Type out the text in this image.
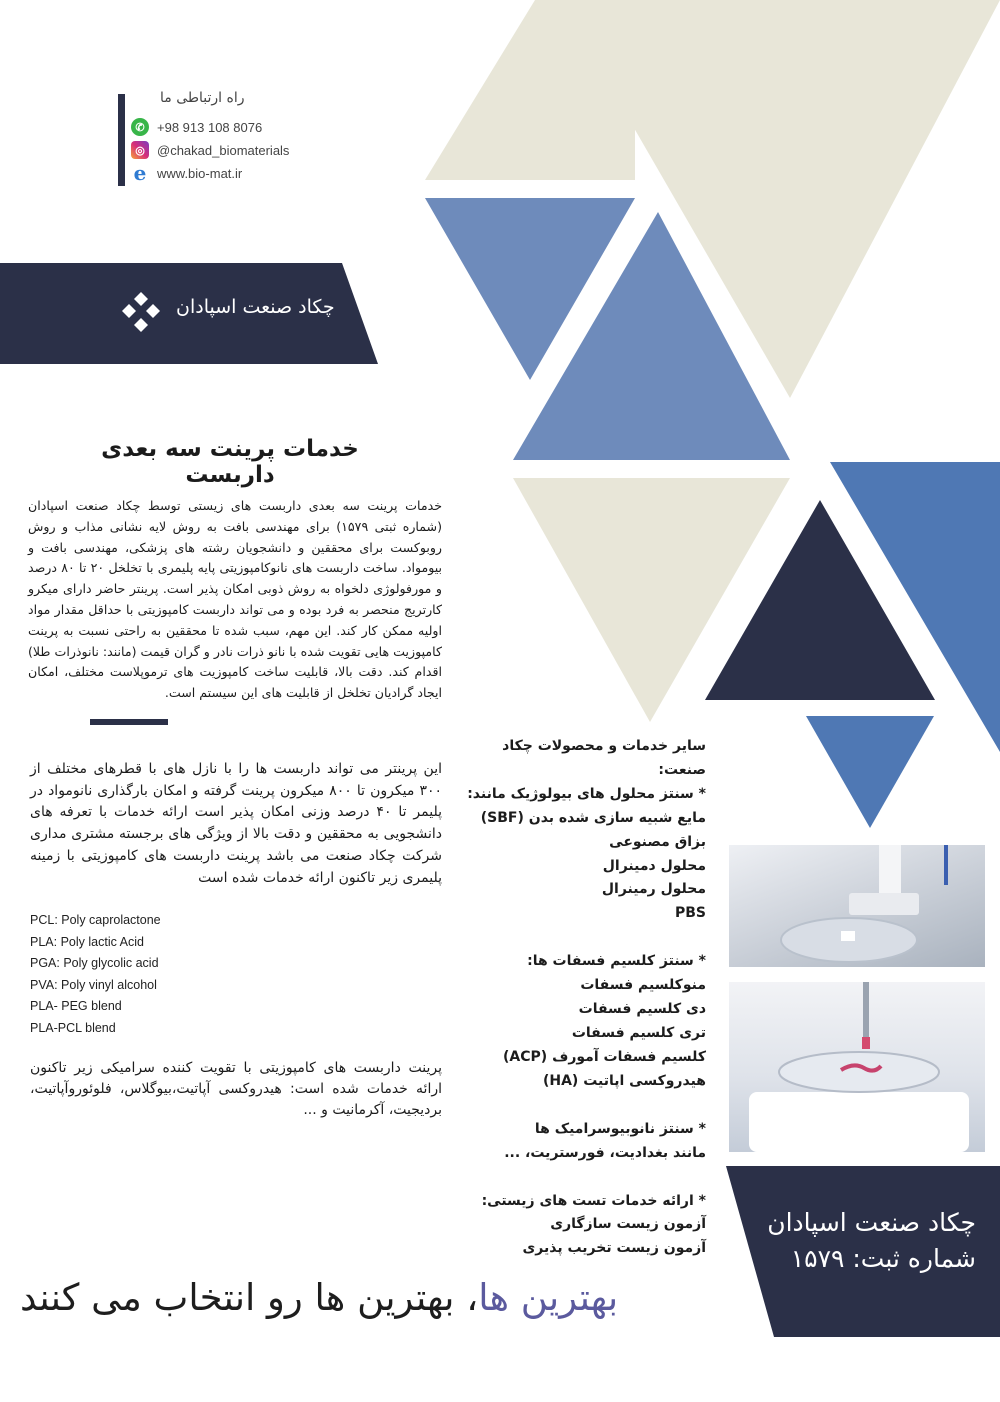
راه ارتباطی ما
✆ +98 913 108 8076
◎ @chakad_biomaterials
e www.bio-mat.ir
چکاد صنعت اسپادان
خدمات پرینت سه بعدی داربست
خدمات پرینت سه بعدی داربست های زیستی توسط چکاد صنعت اسپادان (شماره ثبتی ۱۵۷۹) برای مهندسی بافت به روش لایه نشانی مذاب و روش روبوکست برای محققین و دانشجویان رشته های پزشکی، مهندسی بافت و بیومواد. ساخت داربست های نانوکامپوزیتی پایه پلیمری با تخلخل ۲۰ تا ۸۰ درصد و مورفولوژی دلخواه به روش ذوبی امکان پذیر است. پرینتر حاضر دارای میکرو کارتریج منحصر به فرد بوده و می تواند داربست کامپوزیتی با حداقل مقدار مواد اولیه ممکن کار کند. این مهم، سبب شده تا محققین به راحتی نسبت به پرینت کامپوزیت هایی تقویت شده با نانو ذرات نادر و گران قیمت (مانند: نانوذرات طلا) اقدام کند. دقت بالا، قابلیت ساخت کامپوزیت های ترموپلاست مختلف، امکان ایجاد گرادیان تخلخل از قابلیت های این سیستم است.
این پرینتر می تواند داربست ها را با نازل های با قطرهای مختلف از ۳۰۰ میکرون تا ۸۰۰ میکرون پرینت گرفته و امکان بارگذاری نانومواد در پلیمر تا ۴۰ درصد وزنی امکان پذیر است ارائه خدمات با تعرفه های دانشجویی به محققین و دقت بالا از ویژگی های برجسته مشتری مداری شرکت چکاد صنعت می باشد پرینت داربست های کامپوزیتی با زمینه پلیمری زیر تاکنون ارائه خدمات شده است
PCL: Poly caprolactone
PLA: Poly lactic Acid
PGA: Poly glycolic acid
PVA: Poly vinyl alcohol
PLA- PEG blend
PLA-PCL blend
پرینت داربست های کامپوزیتی با تقویت کننده سرامیکی زیر تاکنون ارائه خدمات شده است: هیدروکسی آپاتیت،بیوگلاس، فلوئوروآپاتیت، بردیجیت، آکرمانیت و ...
سایر خدمات و محصولات چکاد صنعت:
* سنتز محلول های بیولوژیک مانند:
مایع شبیه سازی شده بدن (SBF)
بزاق مصنوعی
محلول دمینرال
محلول رمینرال
PBS
* سنتز کلسیم فسفات ها:
منوکلسیم فسفات
دی کلسیم فسفات
تری کلسیم فسفات
کلسیم فسفات آمورف (ACP)
هیدروکسی اپاتیت (HA)
* سنتز نانوبیوسرامیک ها
مانند بغدادیت، فورستریت، ...
* ارائه خدمات تست های زیستی:
آزمون زیست سازگاری
آزمون زیست تخریب پذیری
چکاد صنعت اسپادان
شماره ثبت: ۱۵۷۹
بهترین ها، بهترین ها رو انتخاب می کنند
